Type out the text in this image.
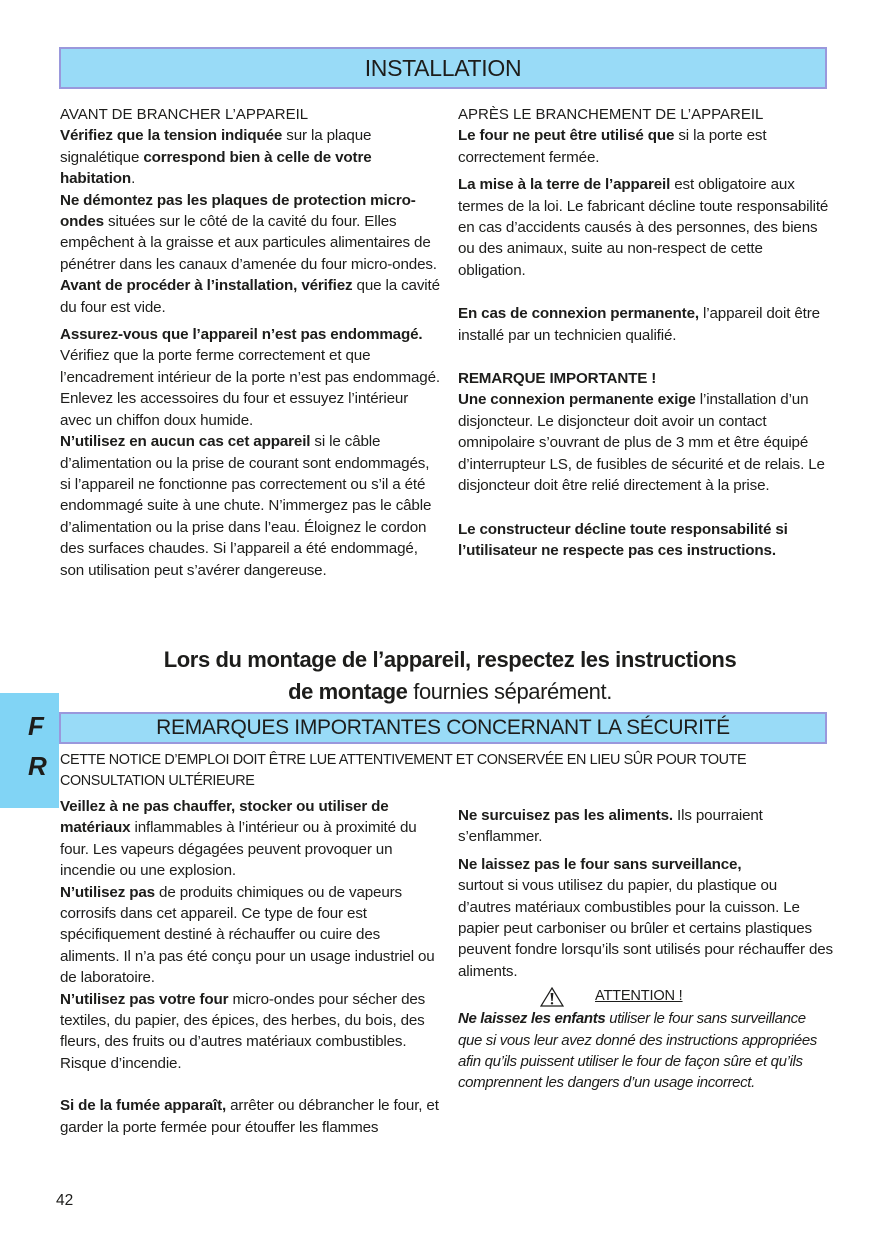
INSTALLATION

AVANT DE BRANCHER L’APPAREIL

Vérifiez que la tension indiquée sur la plaque signalétique correspond bien à celle de votre habitation.

Ne démontez pas les plaques de protection micro-ondes situées sur le côté de la cavité du four. Elles empêchent à la graisse et aux particules alimentaires de pénétrer dans les canaux d’amenée du four micro-ondes.

Avant de procéder à l’installation, vérifiez que la cavité du four est vide.

Assurez-vous que l’appareil n’est pas endommagé. Vérifiez que la porte ferme correctement et que l’encadrement intérieur de la porte n’est pas endommagé. Enlevez les accessoires du four et essuyez l’intérieur avec un chiffon doux humide.

N’utilisez en aucun cas cet appareil si le câble d’alimentation ou la prise de courant sont endommagés, si l’appareil ne fonctionne pas correctement ou s’il a été endommagé suite à une chute. N’immergez pas le câble d’alimentation ou la prise dans l’eau. Éloignez le cordon des surfaces chaudes. Si l’appareil a été endommagé, son utilisation peut s’avérer dangereuse.

APRÈS LE BRANCHEMENT DE L’APPAREIL

Le four ne peut être utilisé que si la porte est correctement fermée.

La mise à la terre de l’appareil est obligatoire aux termes de la loi. Le fabricant décline toute responsabilité en cas d’accidents causés à des personnes, des biens ou des animaux, suite au non-respect de cette obligation.

En cas de connexion permanente, l’appareil doit être installé par un technicien qualifié.

REMARQUE IMPORTANTE !

Une connexion permanente exige l’installation d’un disjoncteur. Le disjoncteur doit avoir un contact omnipolaire s’ouvrant de plus de 3 mm et être équipé d’interrupteur LS, de fusibles de sécurité et de relais. Le disjoncteur doit être relié directement à la prise.

Le constructeur décline toute responsabilité si l’utilisateur ne respecte pas ces instructions.

Lors du montage de l’appareil, respectez les instructions de montage fournies séparément.
F
R
REMARQUES IMPORTANTES CONCERNANT LA SÉCURITÉ

CETTE NOTICE D’EMPLOI DOIT ÊTRE LUE ATTENTIVEMENT ET CONSERVÉE EN LIEU SÛR POUR TOUTE CONSULTATION ULTÉRIEURE

Veillez à ne pas chauffer, stocker ou utiliser de matériaux inflammables à l’intérieur ou à proximité du four. Les vapeurs dégagées peuvent provoquer un incendie ou une explosion.

N’utilisez pas de produits chimiques ou de vapeurs corrosifs dans cet appareil. Ce type de four est spécifiquement destiné à réchauffer ou cuire des aliments. Il n’a pas été conçu pour un usage industriel ou de laboratoire.

N’utilisez pas votre four micro-ondes pour sécher des textiles, du papier, des épices, des herbes, du bois, des fleurs, des fruits ou d’autres matériaux combustibles. Risque d’incendie.

Si de la fumée apparaît, arrêter ou débrancher le four, et garder la porte fermée pour étouffer les flammes

Ne surcuisez pas les aliments. Ils pourraient s’enflammer.

Ne laissez pas le four sans surveillance,
surtout si vous utilisez du papier, du plastique ou d’autres matériaux combustibles pour la cuisson. Le papier peut carboniser ou brûler et certains plastiques peuvent fondre lorsqu’ils sont utilisés pour réchauffer des aliments.

ATTENTION !

Ne laissez les enfants utiliser le four sans surveillance que si vous leur avez donné des instructions appropriées afin qu’ils puissent utiliser le four de façon sûre et qu’ils comprennent les dangers d’un usage incorrect.

42
